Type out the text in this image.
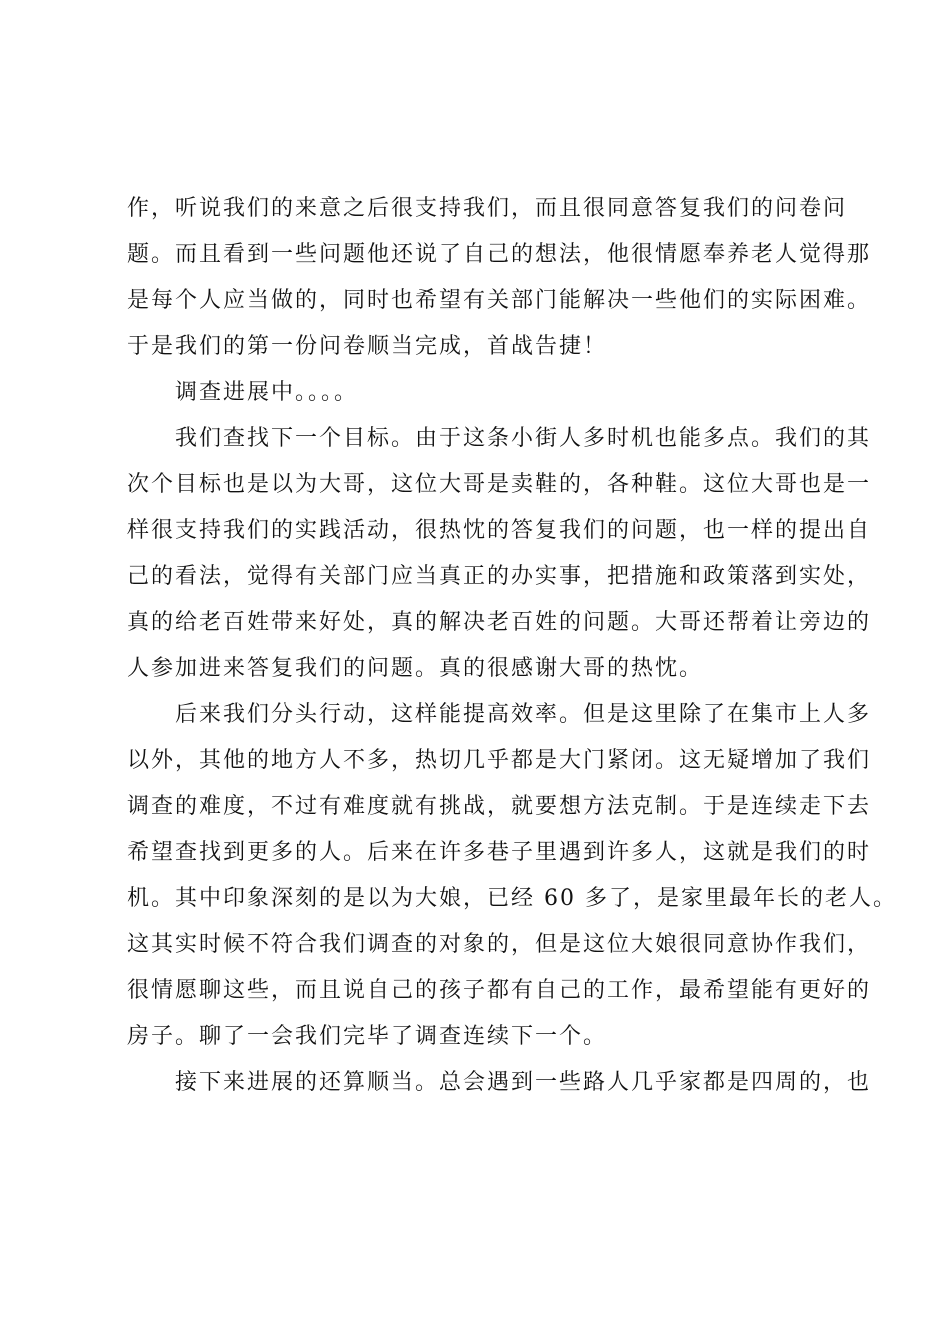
作，听说我们的来意之后很支持我们，而且很同意答复我们的问卷问
题。而且看到一些问题他还说了自己的想法，他很情愿奉养老人觉得那
是每个人应当做的，同时也希望有关部门能解决一些他们的实际困难。
于是我们的第一份问卷顺当完成，首战告捷！
　　调查进展中。。。。
　　我们查找下一个目标。由于这条小街人多时机也能多点。我们的其
次个目标也是以为大哥，这位大哥是卖鞋的，各种鞋。这位大哥也是一
样很支持我们的实践活动，很热忱的答复我们的问题，也一样的提出自
己的看法，觉得有关部门应当真正的办实事，把措施和政策落到实处，
真的给老百姓带来好处，真的解决老百姓的问题。大哥还帮着让旁边的
人参加进来答复我们的问题。真的很感谢大哥的热忱。
　　后来我们分头行动，这样能提高效率。但是这里除了在集市上人多
以外，其他的地方人不多，热切几乎都是大门紧闭。这无疑增加了我们
调查的难度，不过有难度就有挑战，就要想方法克制。于是连续走下去
希望查找到更多的人。后来在许多巷子里遇到许多人，这就是我们的时
机。其中印象深刻的是以为大娘，已经 60 多了，是家里最年长的老人。
这其实时候不符合我们调查的对象的，但是这位大娘很同意协作我们，
很情愿聊这些，而且说自己的孩子都有自己的工作，最希望能有更好的
房子。聊了一会我们完毕了调查连续下一个。
　　接下来进展的还算顺当。总会遇到一些路人几乎家都是四周的，也
